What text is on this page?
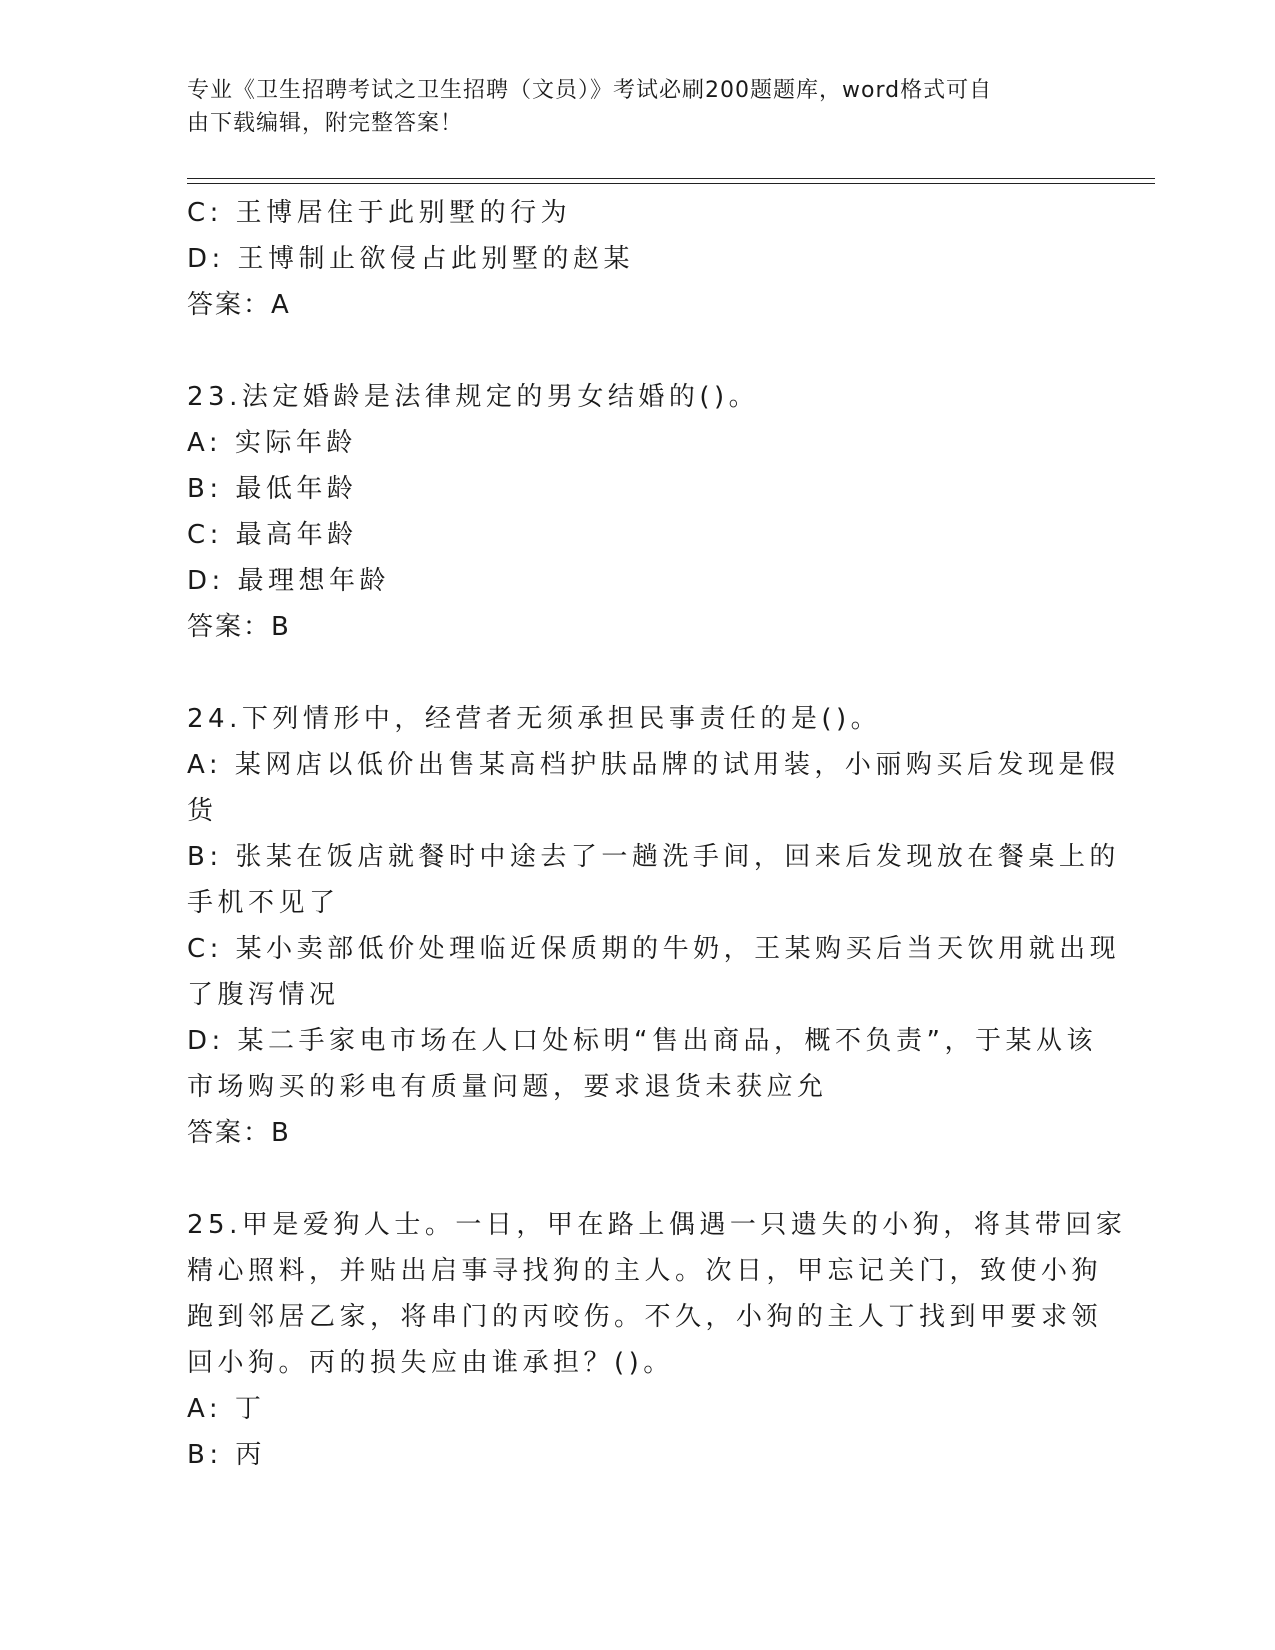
专业《卫生招聘考试之卫生招聘（文员）》考试必刷200题题库，word格式可自
由下载编辑，附完整答案！
C: 王博居住于此别墅的行为
D: 王博制止欲侵占此别墅的赵某
答案：A
23.法定婚龄是法律规定的男女结婚的()。
A: 实际年龄
B: 最低年龄
C: 最高年龄
D: 最理想年龄
答案：B
24.下列情形中，经营者无须承担民事责任的是()。
A: 某网店以低价出售某高档护肤品牌的试用装，小丽购买后发现是假
货
B: 张某在饭店就餐时中途去了一趟洗手间，回来后发现放在餐桌上的
手机不见了
C: 某小卖部低价处理临近保质期的牛奶，王某购买后当天饮用就出现
了腹泻情况
D: 某二手家电市场在人口处标明“售出商品，概不负责”，于某从该
市场购买的彩电有质量问题，要求退货未获应允
答案：B
25.甲是爱狗人士。一日，甲在路上偶遇一只遗失的小狗，将其带回家
精心照料，并贴出启事寻找狗的主人。次日，甲忘记关门，致使小狗
跑到邻居乙家，将串门的丙咬伤。不久，小狗的主人丁找到甲要求领
回小狗。丙的损失应由谁承担？()。
A: 丁
B: 丙
